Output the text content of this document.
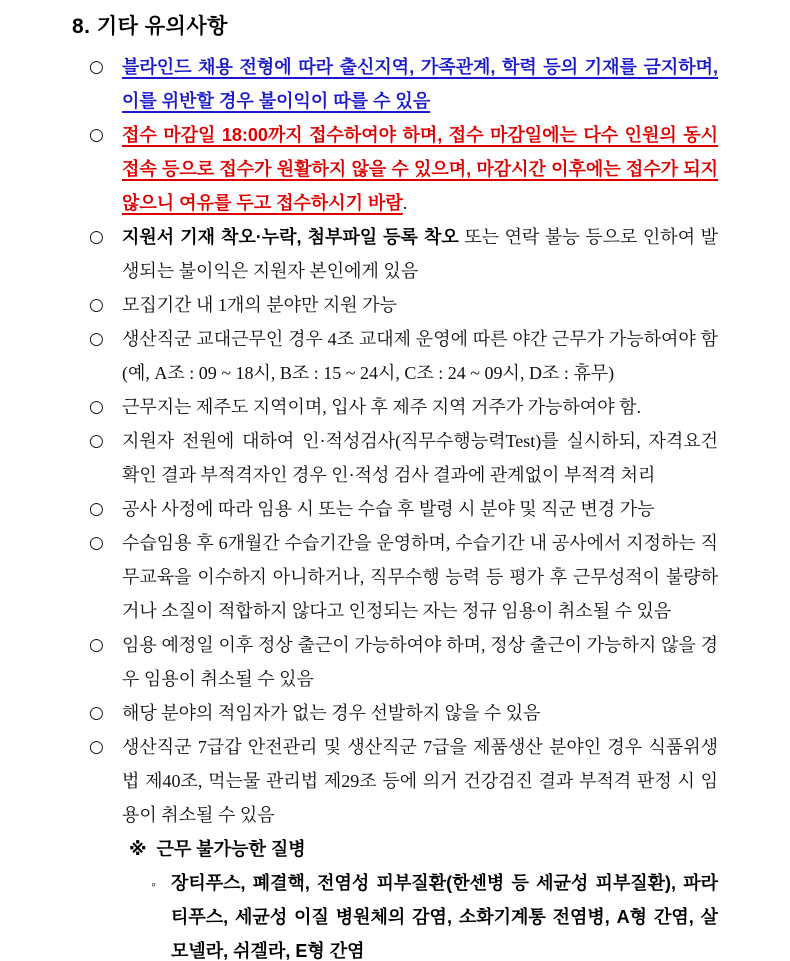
8. 기타 유의사항
○ 블라인드 채용 전형에 따라 출신지역, 가족관계, 학력 등의 기재를 금지하며, 이를 위반할 경우 불이익이 따를 수 있음
○ 접수 마감일 18:00까지 접수하여야 하며, 접수 마감일에는 다수 인원의 동시 접속 등으로 접수가 원활하지 않을 수 있으며, 마감시간 이후에는 접수가 되지 않으니 여유를 두고 접수하시기 바람.
○ 지원서 기재 착오·누락, 첨부파일 등록 착오 또는 연락 불능 등으로 인하여 발생되는 불이익은 지원자 본인에게 있음
○ 모집기간 내 1개의 분야만 지원 가능
○ 생산직군 교대근무인 경우 4조 교대제 운영에 따른 야간 근무가 가능하여야 함 (예, A조 : 09 ~ 18시, B조 : 15 ~ 24시, C조 : 24 ~ 09시, D조 : 휴무)
○ 근무지는 제주도 지역이며, 입사 후 제주 지역 거주가 가능하여야 함.
○ 지원자 전원에 대하여 인·적성검사(직무수행능력Test)를 실시하되, 자격요건 확인 결과 부적격자인 경우 인·적성 검사 결과에 관계없이 부적격 처리
○ 공사 사정에 따라 임용 시 또는 수습 후 발령 시 분야 및 직군 변경 가능
○ 수습임용 후 6개월간 수습기간을 운영하며, 수습기간 내 공사에서 지정하는 직무교육을 이수하지 아니하거나, 직무수행 능력 등 평가 후 근무성적이 불량하거나 소질이 적합하지 않다고 인정되는 자는 정규 임용이 취소될 수 있음
○ 임용 예정일 이후 정상 출근이 가능하여야 하며, 정상 출근이 가능하지 않을 경우 임용이 취소될 수 있음
○ 해당 분야의 적임자가 없는 경우 선발하지 않을 수 있음
○ 생산직군 7급갑 안전관리 및 생산직군 7급을 제품생산 분야인 경우 식품위생법 제40조, 먹는물 관리법 제29조 등에 의거 건강검진 결과 부적격 판정 시 임용이 취소될 수 있음
※ 근무 불가능한 질병
◦ 장티푸스, 폐결핵, 전염성 피부질환(한센병 등 세균성 피부질환), 파라티푸스, 세균성 이질 병원체의 감염, 소화기계통 전염병, A형 간염, 살모넬라, 쉬겔라, E형 간염
